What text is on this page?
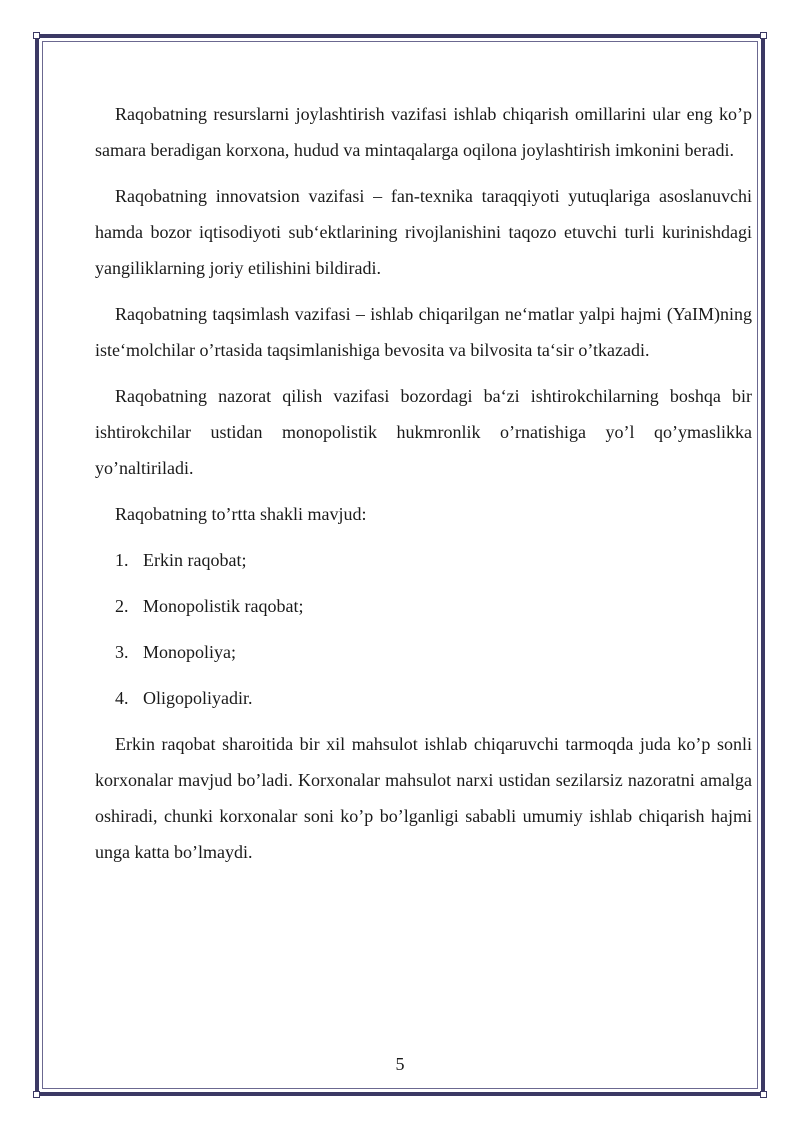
Raqobatning resurslarni joylashtirish vazifasi ishlab chiqarish omillarini ular eng ko’p samara beradigan korxona, hudud va mintaqalarga oqilona joylashtirish imkonini beradi.

Raqobatning innovatsion vazifasi – fan-texnika taraqqiyoti yutuqlariga asoslanuvchi hamda bozor iqtisodiyoti sub‘ektlarining rivojlanishini taqozo etuvchi turli kurinishdagi yangiliklarning joriy etilishini bildiradi.

Raqobatning taqsimlash vazifasi – ishlab chiqarilgan ne‘matlar yalpi hajmi (YaIM)ning iste‘molchilar o’rtasida taqsimlanishiga bevosita va bilvosita ta‘sir o’tkazadi.

Raqobatning nazorat qilish vazifasi bozordagi ba‘zi ishtirokchilarning boshqa bir ishtirokchilar ustidan monopolistik hukmronlik o’rnatishiga yo’l qo’ymaslikka yo’naltiriladi.

Raqobatning to’rtta shakli mavjud:

1. Erkin raqobat;
2. Monopolistik raqobat;
3. Monopoliya;
4. Oligopoliyadir.

Erkin raqobat sharoitida bir xil mahsulot ishlab chiqaruvchi tarmoqda juda ko’p sonli korxonalar mavjud bo’ladi. Korxonalar mahsulot narxi ustidan sezilarsiz nazoratni amalga oshiradi, chunki korxonalar soni ko’p bo’lganligi sababli umumiy ishlab chiqarish hajmi unga katta bo’lmaydi.

5
